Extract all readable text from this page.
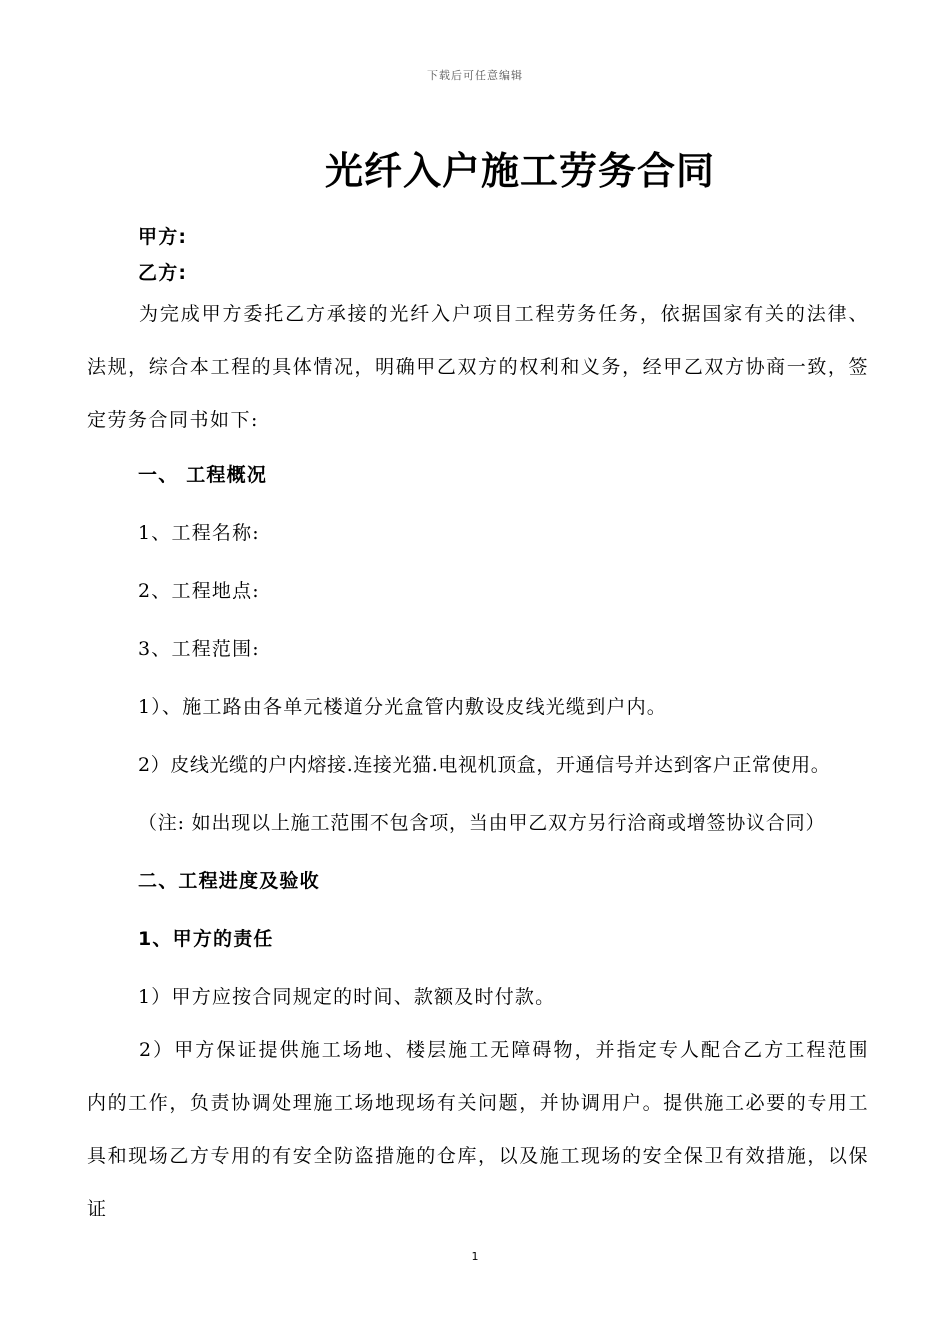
下载后可任意编辑
光纤入户施工劳务合同
甲方:
乙方:
为完成甲方委托乙方承接的光纤入户项目工程劳务任务，依据国家有关的法律、法规，综合本工程的具体情况，明确甲乙双方的权利和义务，经甲乙双方协商一致，签定劳务合同书如下:
一、 工程概况
1、工程名称:
2、工程地点:
3、工程范围:
1）、施工路由各单元楼道分光盒管内敷设皮线光缆到户内。
2）皮线光缆的户内熔接.连接光猫.电视机顶盒，开通信号并达到客户正常使用。
（注: 如出现以上施工范围不包含项，当由甲乙双方另行洽商或增签协议合同）
二、工程进度及验收
1、甲方的责任
1）甲方应按合同规定的时间、款额及时付款。
2）甲方保证提供施工场地、楼层施工无障碍物，并指定专人配合乙方工程范围内的工作，负责协调处理施工场地现场有关问题，并协调用户。提供施工必要的专用工具和现场乙方专用的有安全防盗措施的仓库，以及施工现场的安全保卫有效措施，以保证
1
